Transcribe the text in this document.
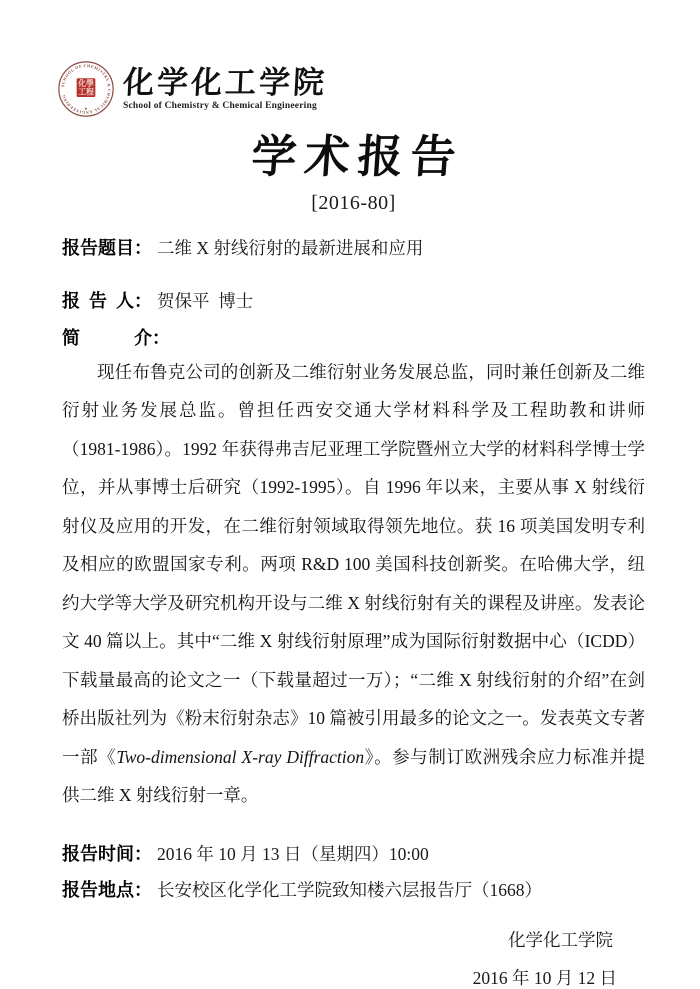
SCHOOL OF CHEMISTRY & CHEMICAL ENGINEERING
化學
工程
· ★ ·
化学化工学院
School of Chemistry & Chemical Engineering
学术报告
[2016-80]
报告题目： 二维 X 射线衍射的最新进展和应用
报 告 人： 贺保平 博士
简　　　介：

现任布鲁克公司的创新及二维衍射业务发展总监，同时兼任创新及二维衍射业务发展总监。曾担任西安交通大学材料科学及工程助教和讲师（1981-1986）。1992 年获得弗吉尼亚理工学院暨州立大学的材料科学博士学位，并从事博士后研究（1992-1995）。自 1996 年以来，主要从事 X 射线衍射仪及应用的开发，在二维衍射领域取得领先地位。获 16 项美国发明专利及相应的欧盟国家专利。两项 R&D 100 美国科技创新奖。在哈佛大学，纽约大学等大学及研究机构开设与二维 X 射线衍射有关的课程及讲座。发表论文 40 篇以上。其中“二维 X 射线衍射原理”成为国际衍射数据中心（ICDD）下载量最高的论文之一（下载量超过一万）；“二维 X 射线衍射的介绍”在剑桥出版社列为《粉末衍射杂志》10 篇被引用最多的论文之一。发表英文专著一部《Two-dimensional X-ray Diffraction》。参与制订欧洲残余应力标准并提供二维 X 射线衍射一章。

报告时间： 2016 年 10 月 13 日（星期四）10:00
报告地点： 长安校区化学化工学院致知楼六层报告厅（1668）
化学化工学院
2016 年 10 月 12 日
